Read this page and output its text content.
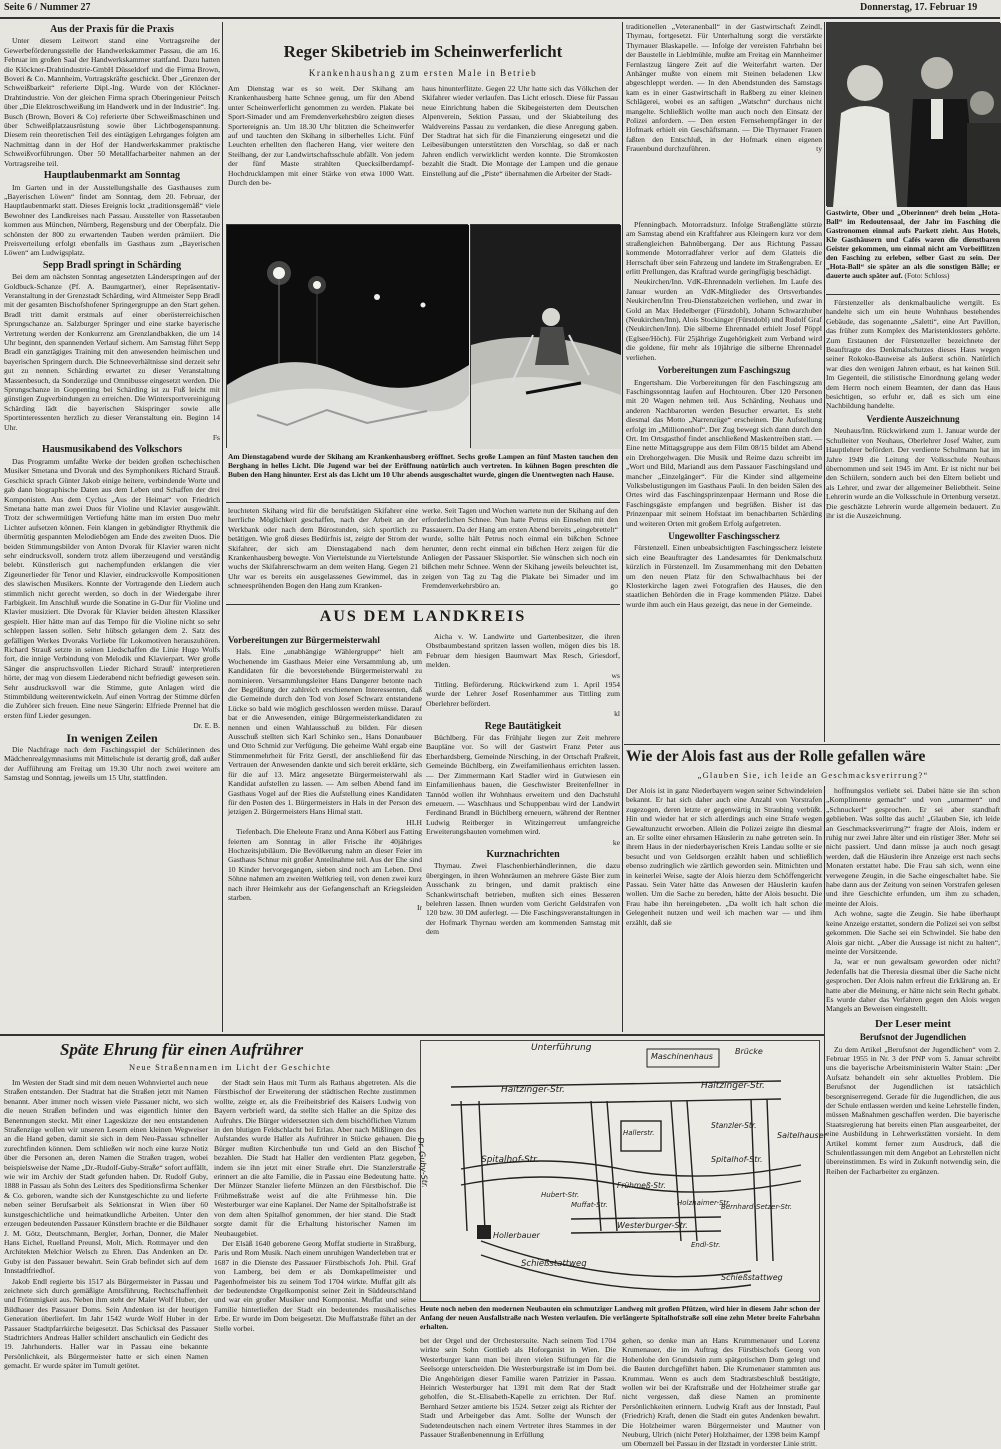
Seite 6 / Nummer 27	Donnerstag, 17. Februar 19
Aus der Praxis für die Praxis

Unter diesem Leitwort stand eine Vortragsreihe der Gewerbeförderungsstelle der Handwerkskammer Passau, die am 16. Februar im großen Saal der Handwerkskammer stattfand. Dazu hatten die Klöckner-Drahtindustrie-GmbH Düsseldorf und die Firma Brown, Boveri & Co. Mannheim, Vortragskräfte geschickt. Über „Grenzen der Schweißbarkeit“ referierte Dipl.-Ing. Wurde von der Klöckner-Drahtindustrie. Von der gleichen Firma sprach Oberingenieur Peitsch über „Die Elektroschweißung im Handwerk und in der Industrie“. Ing. Busch (Brown, Boveri & Co) referierte über Schweißmaschinen und über Schweißplatzausrüstung sowie über Lichtbogenspannung. Diesem rein theoretischen Teil des eintägigen Lehrganges folgten am Nachmittag dann in der Hof der Handwerkskammer praktische Schweißvorführungen. Über 50 Metallfacharbeiter nahmen an der Vortragsreihe teil.

Hauptlaubenmarkt am Sonntag

Im Garten und in der Ausstellungshalle des Gasthauses zum „Bayerischen Löwen“ findet am Sonntag, dem 20. Februar, der Hauptlaubenmarkt statt. Dieses Ereignis lockt „traditionsgemäß“ viele Bewohner des Landkreises nach Passau. Aussteller von Rassetauben kommen aus München, Nürnberg, Regensburg und der Oberpfalz. Die schönsten der 800 zu erwartenden Tauben werden prämiiert. Die Preisverteilung erfolgt ebenfalls im Gasthaus zum „Bayerischen Löwen“ am Ludwigsplatz.

Sepp Bradl springt in Schärding

Bei dem am nächsten Sonntag angesetzten Länderspringen auf der Goldbuck-Schanze (Pf. A. Baumgartner), einer Repräsentativ-Veranstaltung in der Grenzstadt Schärding, wird Altmeister Sepp Bradl mit der gesamten Bischofshofener Springergruppe an den Start gehen. Bradl tritt damit erstmals auf einer oberösterreichischen Sprungschanze an. Salzburger Springer und eine starke bayerische Vertretung werden der Konkurrenz am Grenzlandbakken, die um 14 Uhr beginnt, den spannenden Verlauf sichern. Am Samstag führt Sepp Bradl ein ganztägiges Training mit den anwesenden heimischen und bayerischen Springern durch. Die Schneeverhältnisse sind derzeit sehr gut zu nennen. Schärding erwartet zu dieser Veranstaltung Massenbesuch, da Sonderzüge und Omnibusse eingesetzt werden. Die Sprungschanze in Goppenting bei Schärding ist zu Fuß leicht mit günstigen Zugverbindungen zu erreichen. Die Wintersportvereinigung Schärding lädt die bayerischen Skispringer sowie alle Sportinteressenten herzlich zu dieser Veranstaltung ein. Beginn 14 Uhr.

Fs
Hausmusikabend des Volkschors

Das Programm umfaßte Werke der beiden großen tschechischen Musiker Smetana und Dvorak und des Symphonikers Richard Strauß. Geschickt sprach Günter Jakob einige heitere, verbindende Worte und gab dann biographische Daten aus dem Leben und Schaffen der drei Komponisten. Aus dem Cyclus „Aus der Heimat“ von Friedrich Smetana hatte man zwei Duos für Violine und Klavier ausgewählt. Trotz der schwermütigen Vertiefung hätte man im ersten Duo mehr Lichter aufsetzen können. Fein klangen in gebändigter Rhythmik die übermütig gespannten Melodiebögen am Ende des zweiten Duos. Die beiden Stimmungsbilder von Anton Dvorak für Klavier waren nicht sehr eindrucksvoll, sondern trotz allem überzeugend und verständig belebt. Künstlerisch gut nachempfunden erklangen die vier Zigeunerlieder für Tenor und Klavier, eindrucksvolle Kompositionen des slawischen Musikers. Konnte der Vortragende den Liedern auch stimmlich nicht gerecht werden, so doch in der Wiedergabe ihrer Farbigkeit. Im Anschluß wurde die Sonatine in G-Dur für Violine und Klavier musiziert. Die Dvorak für Klavier beiden ältesten Klassiker gespielt. Hier hätte man auf das Tempo für die Violine nicht so sehr schleppen lassen sollen. Sehr hübsch gelangen dem 2. Satz des gefälligen Werkes Dvoraks Vorliebe für Lokomotiven herauszuhören. Richard Strauß setzte in seinen Liedschaffen die Linie Hugo Wolfs fort, die innige Verbindung von Melodik und Klavierpart. Wer große Sänger die anspruchsvollen Lieder Richard Strauß' interpretieren hörte, der mag von diesem Liederabend nicht befriedigt gewesen sein. Sehr ausdrucksvoll war die Stimme, gute Anlagen wird die Stimmbildung weiterentwickeln. Auf einen Vortrag der Stimme dürfen die Zuhörer sich freuen. Eine neue Sängerin: Elfriede Prennel hat die ersten fünf Lieder gesungen.

Dr. E. B.
In wenigen Zeilen

Die Nachfrage nach dem Faschingsspiel der Schülerinnen des Mädchenrealgymnasiums mit Mittelschule ist derartig groß, daß außer der Aufführung am Freitag um 19.30 Uhr noch zwei weitere am Samstag und Sonntag, jeweils um 15 Uhr, stattfinden.

Reger Skibetrieb im Scheinwerferlicht
Krankenhaushang zum ersten Male in Betrieb
Am Dienstag war es so weit. Der Skihang am Krankenhausberg hatte Schnee genug, um für den Abend unter Scheinwerferlicht genommen zu werden. Plakate bei Sport-Simader und am Fremdenverkehrsbüro zeigten dieses Sportereignis an. Um 18.30 Uhr blitzten die Scheinwerfer auf und tauchten den Skihang in silberhelles Licht. Fünf Leuchten erhellten den flacheren Hang, vier weitere den Steilhang, der zur Landwirtschaftsschule abfällt. Von jedem der fünf Maste strahlten Quecksilberdampf-Hochdrucklampen mit einer Stärke von etwa 1000 Watt. Durch den be-
haus hinunterflitzte. Gegen 22 Uhr hatte sich das Völkchen der Skifahrer wieder verlaufen. Das Licht erlosch. Diese für Passau neue Einrichtung haben die Skibegeisterten dem Deutschen Alpenverein, Sektion Passau, und der Skiabteilung des Waldvereins Passau zu verdanken, die diese Anregung gaben. Der Stadtrat hat sich für die Finanzierung eingesetzt und die Leibesübungen unterstützten den Vorschlag, so daß er nach Jahren endlich verwirklicht werden konnte. Die Stromkosten bezahlt die Stadt. Die Montage der Lampen und die genaue Einstellung auf die „Piste“ übernahmen die Arbeiter der Stadt-
Am Dienstagabend wurde der Skihang am Krankenhausberg eröffnet. Sechs große Lampen an fünf Masten tauchen den Berghang in helles Licht. Die Jugend war bei der Eröffnung natürlich auch vertreten. In kühnen Bogen preschten die Buben den Hang hinunter. Erst als das Licht um 10 Uhr abends ausgeschaltet wurde, gingen die Unentwegten nach Hause.
leuchteten Skihang wird für die berufstätigen Skifahrer eine herrliche Möglichkeit geschaffen, nach der Arbeit an der Werkbank oder nach dem Bürostunden, sich sportlich zu betätigen. Wie groß dieses Bedürfnis ist, zeigte der Strom der Skifahrer, der sich am Dienstagabend nach dem Krankenhausberg bewegte. Von Viertelstunde zu Viertelstunde wuchs der Skifahrerschwarm an dem weiten Hang. Gegen 21 Uhr war es bereits ein ausgelassenes Gewimmel, das in schneesprühenden Bogen den Hang zum Kranken-
werke. Seit Tagen und Wochen wartete nun der Skihang auf den erforderlichen Schnee. Nun hatte Petrus ein Einsehen mit den Passauern. Da der Hang am ersten Abend bereits „eingebrettelt“ wurde, sollte hält Petrus noch einmal ein bißchen Schnee herunter, denn recht einmal ein bißchen Herz zeigen für die Anliegen der Passauer Skisportler. Sie wünschen sich noch ein bißchen mehr Schnee. Wenn der Skihang jeweils beleuchtet ist, zeigen von Tag zu Tag die Plakate bei Simader und im Fremdenverkehrsbüro an.	go
AUS DEM LANDKREIS
Vorbereitungen zur Bürgermeisterwahl

Hals. Eine „unabhängige Wählergruppe“ hielt am Wochenende im Gasthaus Meier eine Versammlung ab, um Kandidaten für die bevorstehende Bürgermeisterwahl zu nominieren. Versammlungsleiter Hans Dangerer betonte nach der Begrüßung der zahlreich erschienenen Interessenten, daß die Gemeinde durch den Tod von Josef Schwarz entstandene Lücke so bald wie möglich geschlossen werden müsse. Darauf bat er die Anwesenden, einige Bürgermeisterkandidaten zu nennen und einen Wahlausschuß zu bilden. Für diesen Ausschuß stellten sich Karl Schinko sen., Hans Donaubauer und Otto Schmid zur Verfügung. Die geheime Wahl ergab eine Stimmenmehrheit für Fritz Gerstl, der anschließend für das Vertrauen der Anwesenden dankte und sich bereit erklärte, sich für die auf 13. März angesetzte Bürgermeisterwahl als Kandidat aufstellen zu lassen. — Am selben Abend fand im Gasthaus Vogel auf der Ries die Aufstellung eines Kandidaten für den Posten des 1. Bürgermeisters in Hals in der Person des jetzigen 2. Bürgermeisters Hans Himal statt.

HLH

Tiefenbach. Die Eheleute Franz und Anna Köberl aus Fatting feierten am Sonntag in aller Frische ihr 40jähriges Hochzeitsjubiläum. Die Bevölkerung nahm an dieser Feier im Gasthaus Schnur mit großer Anteilnahme teil. Aus der Ehe sind 10 Kinder hervorgegangen, sieben sind noch am Leben. Drei Söhne nahmen am zweiten Weltkrieg teil, von denen zwei kurz nach ihrer Heimkehr aus der Gefangenschaft an Kriegsleiden starben.

Ir

Aicha v. W. Landwirte und Gartenbesitzer, die ihren Obstbaumbestand spritzen lassen wollen, mögen dies bis 18. Februar dem hiesigen Baumwart Max Resch, Griesdorf, melden.

ws

Tittling. Beförderung. Rückwirkend zum 1. April 1954 wurde der Lehrer Josef Rosenhammer aus Tittling zum Oberlehrer befördert.

kl
Rege Bautätigkeit

Büchlberg. Für das Frühjahr liegen zur Zeit mehrere Baupläne vor. So will der Gastwirt Franz Peter aus Eberhardsberg, Gemeinde Nirsching, in der Ortschaft Praßreit, Gemeinde Büchlberg, ein Zweifamilienhaus errichten lassen. — Der Zimmermann Karl Stadler wird in Gutwiesen ein Einfamilienhaus bauen, die Geschwister Breitenfellner in Tannöd wollen ihr Wohnhaus erweitern und den Dachstuhl erneuern. — Waschhaus und Schuppenbau wird der Landwirt Ferdinand Brandl in Büchlberg erneuern, während der Rentner Ludwig Reitberger in Witzingerreut umfangreiche Erweiterungsbauten vornehmen wird.

ke
Kurznachrichten

Thyrnau. Zwei Flaschenbierhändlerinnen, die dazu übergingen, in ihren Wohnräumen an mehrere Gäste Bier zum Ausschank zu bringen, und damit praktisch eine Schankwirtschaft betrieben, mußten sich eines Besseren belehren lassen. Ihnen wurden vom Gericht Geldstrafen von 120 bzw. 30 DM auferlegt. — Die Faschingsveranstaltungen in der Hofmark Thyrnau werden am kommenden Samstag mit dem

traditionellen „Veteranenball“ in der Gastwirtschaft Zeindl, Thyrnau, fortgesetzt. Für Unterhaltung sorgt die verstärkte Thyrnauer Blaskapelle. — Infolge der vereisten Fahrbahn bei der Baustelle in Lieblmühle, mußte am Freitag ein Mannheimer Fernlastzug längere Zeit auf die Weiterfahrt warten. Der Anhänger mußte von einem mit Steinen beladenen Lkw abgeschleppt werden. — In den Abendstunden des Samstags kam es in einer Gastwirtschaft in Raßberg zu einer kleinen Schlägerei, wobei es an saftigen „Watschn“ durchaus nicht mangelte. Schließlich wollte man auch noch den Einsatz der Polizei anfordern. — Den ersten Fernsehempfänger in der Hofmark erhielt ein Geschäftsmann. — Die Thyrnauer Frauen faßten den Entschluß, in der Hofmark einen eigenen Frauenbund durchzuführen.	ty

Pfenningbach. Motorradsturz. Infolge Straßenglätte stürzte am Samstag abend ein Kraftfahrer aus Kleingern kurz vor dem straßengleichen Bahnübergang. Der aus Richtung Passau kommende Motorradfahrer verlor auf dem Glatteis die Herrschaft über sein Fahrzeug und landete im Straßengraben. Er erlitt Prellungen, das Kraftrad wurde geringfügig beschädigt.

Neukirchen/Inn. VdK-Ehrennadeln verliehen. Im Laufe des Januar wurden an VdK-Mitglieder des Ortsverbandes Neukirchen/Inn Treu-Dienstabzeichen verliehen, und zwar in Gold an Max Hedelberger (Fürstdobl), Johann Schwarzhuber (Neukirchen/Inn), Alois Stockinger (Fürstdobl) und Rudolf Graf (Neukirchen/Inn). Die silberne Ehrennadel erhielt Josef Pöppl (Eglsee/Höch). Für 25jährige Zugehörigkeit zum Verband wird die goldene, für mehr als 10jährige die silberne Ehrennadel verliehen.

Vorbereitungen zum Faschingszug

Engertsham. Die Vorbereitungen für den Faschingszug am Faschingssonntag laufen auf Hochtouren. Über 120 Personen mit 20 Wagen nehmen teil. Aus Schärding, Neuhaus und anderen Nachbarorten werden Besucher erwartet. Es steht diesmal das Motto „Narrenzüge“ erscheinen. Die Aufstellung erfolgt im „Millionenhof“. Der Zug bewegt sich dann durch den Ort. Im Ortsgasthof findet anschließend Maskentreiben statt. — Eine nette Mittagsgruppe aus dem Film 08/15 bildet am Abend ein Drehorgelwagen. Die Musik und Reime dazu schreibt im „Wort und Bild, Mariandl aus dem Passauer Faschingsland und mancher „Einzelgänger“. Für die Kinder sind allgemeine Volksbelustigungen im Gasthaus Pauli. In den beiden Sälen des Ortes wird das Faschingsprinzenpaar Hermann und Rose die Faschingsgäste empfangen und begrüßen. Bisher ist das Prinzenpaar mit seinem Hofstaat im benachbarten Schärding und weiteren Orten mit großem Erfolg aufgetreten.

Ungewollter Faschingsscherz

Fürstenzell. Einen unbeabsichtigten Faschingsscherz leistete sich eine Beauftragter des Landesamtes für Denkmalschutz kürzlich in Fürstenzell. Im Zusammenhang mit den Debatten um den neuen Platz für den Schwalbachhaus bei der Klosterkirche lagen zwei Fotografien des Hauses, die den staatlichen Behörden die in Frage kommenden Plätze. Dabei wurde ihm auch ein Haus gezeigt, das neue in der Gemeinde.

Gastwirte, Ober und „Oberinnen“ dreh beim „Hota-Ball“ im Redoutensaal, der Jahr im Fasching die Gastronomen einmal aufs Parkett zieht. Aus Hotels, Kle Gasthäusern und Cafés waren die dienstbaren Geister gekommen, um einmal nicht am Vorbeiflitzen den Fasching zu erleben, selber Gast zu sein. Der „Hota-Ball“ sie später an als die sonstigen Bälle; er dauerte auch später auf. (Foto: Schloss)

Fürstenzeller als denkmalbauliche wertgilt. Es handelte sich um ein heute Wohnhaus bestehendes Gebäude, das sogenannte „Saletti“, eine Art Pavillon, das früher zum Komplex des Maristenklosters gehörte. Zum Erstaunen der Fürstenzeller bezeichnete der Beauftragte des Denkmalschutzes dieses Haus wegen seiner Rokoko-Bauweise als äußerst schön. Natürlich war dies den wenigen Jahren erbaut, es hat keinen Stil. Im Gegenteil, die stilistische Einordnung gelang weder dem Herrn noch einem Beamten, der dann das Haus besichtigen, so erfuhr er, daß es sich um eine Nachbildung handelte.

Verdiente Auszeichnung

Neuhaus/Inn. Rückwirkend zum 1. Januar wurde der Schulleiter von Neuhaus, Oberlehrer Josef Walter, zum Hauptlehrer befördert. Der verdiente Schulmann hat im Jahre 1949 die Leitung der Volksschule Neuhaus übernommen und seit 1945 im Amt. Er ist nicht nur bei den Schülern, sondern auch bei den Eltern beliebt und als Lehrer, und zwar der allgemeiner Beliebtheit. Seine Lehrerin wurde an die Volksschule in Ortenburg versetzt. Die geschätzte Lehrerin wurde allgemein bedauert. Zu ihr ist die Auszeichnung.

Wie der Alois fast aus der Rolle gefallen wäre
„Glauben Sie, ich leide an Geschmacksverirrung?“
Der Alois ist in ganz Niederbayern wegen seiner Schwindeleien bekannt. Er hat sich daher auch eine Anzahl von Vorstrafen zugezogen, deren letzte er gegenwärtig in Straubing verbüßt. Hin und wieder hat er sich allerdings auch eine Strafe wegen Gewaltunzucht erworben. Allein die Polizei zeigte ihn diesmal an. Er sollte einer ehrsamen Häuslerin zu nahe getreten sein. In ihrem Haus in der niederbayerischen Kreis Landau sollte er sie besucht und von Geldsorgen erzählt haben und schließlich ebenso zudringlich wie zärtlich geworden sein. Mitnichten und in keinerlei Weise, sagte der Alois hierzu dem Schöffengericht Passau. Sein Vater hätte das Anwesen der Häuslerin kaufen wollen. Um die Sache zu bereden, hätte der Alois besucht. Die Frau habe ihn hereingebeten. „Da wollt ich halt schon die Gelegenheit nutzen und weil ich machen war — und ihm erzählt, daß sie

hoffnungslos verliebt sei. Dabei hätte sie ihn schon „Komplimente gemacht“ und von „umarmen“ und „Schnuckerl“ gesprochen. Er sei aber standhaft geblieben. Was sollte das auch! „Glauben Sie, ich leide an Geschmacksverirrung?“ fragte der Alois, indem er ruhig nur zwei Jahre älter und ein rüstiger 38er. Mehr sei nicht passiert. Und dann müsse ja auch noch gesagt werden, daß die Häuslerin ihre Anzeige erst nach sechs Monaten erstattet habe. Die Frau sah sich, wenn eine verwegene Zeugin, in die Sache eingeschaltet habe. Sie habe dann aus der Zeitung von seinen Vorstrafen gelesen und ihre Geschichte erfunden, um ihm zu schaden, meinte der Alois.

Ach wohne, sagte die Zeugin. Sie habe überhaupt keine Anzeige erstattet, sondern die Polizei sei von selbst gekommen. Die Sache sei ein Schwindel. Sie habe den Alois gar nicht. „Aber die Aussage ist nicht zu halten“, meinte der Vorsitzende.

Ja, war er nun gewaltsam geworden oder nicht? Jedenfalls hat die Theresia diesmal über die Sache nicht gesprochen. Der Alois nahm erfreut die Erklärung an. Er hatte aber die Meinung, er hätte nicht sein Recht gehabt. Es wurde daher das Verfahren gegen den Alois wegen Mangels an Beweisen eingestellt.

Der Leser meint
Berufsnot der Jugendlichen

Zu dem Artikel „Berufsnot der Jugendlichen“ vom 2. Februar 1955 in Nr. 3 der PNP vom 5. Januar schreibt uns die bayerische Arbeitsministerin Walter Stain: „Der Aufsatz behandelt ein sehr aktuelles Problem. Die Berufsnot der Jugendlichen ist tatsächlich besorgniserregend. Gerade für die Jugendlichen, die aus der Schule entlassen werden und keine Lehrstelle finden, müssen Maßnahmen geschaffen werden. Die bayerische Staatsregierung hat bereits einen Plan ausgearbeitet, der eine Ausbildung in Lehrwerkstätten vorsieht. In dem Artikel kommt ferner zum Ausdruck, daß die Schulentlassungen mit dem Angebot an Lehrstellen nicht übereinstimmen. Es wird in Zukunft notwendig sein, die Reihen der Facharbeiter zu ergänzen.

Späte Ehrung für einen Aufrührer
Neue Straßennamen im Licht der Geschichte

Im Westen der Stadt sind mit dem neuen Wohnviertel auch neue Straßen entstanden. Der Stadtrat hat die Straßen jetzt mit Namen benannt. Aber immer noch wissen viele Passauer nicht, wo sich die neuen Straßen befinden und was eigentlich hinter den Benennungen steckt. Mit einer Lageskizze der neu entstandenen Straßenzüge wollen wir unseren Lesern einen kleinen Wegweiser an die Hand geben, damit sie sich in dem Neu-Passau schneller zurechtfinden können. Dem schließen wir noch eine kurze Notiz über die Personen an, deren Namen die Straßen tragen, wobei beispielsweise der Name „Dr.-Rudolf-Guby-Straße“ sofort auffällt, wie wir im Archiv der Stadt gefunden haben. Dr. Rudolf Guby, 1888 in Passau als Sohn des Leiters des Speditionsfirma Schenker & Co. geboren, wandte sich der Kunstgeschichte zu und lieferte neben seiner Berufsarbeit als Sektionsrat in Wien über 60 kunstgeschichtliche und heimatkundliche Arbeiten. Unter den erzeugen bedeutenden Passauer Künstlern brachte er die Bildhauer J. M. Götz, Deutschmann, Bergler, Jorhan, Donner, die Maler Hans Eichel, Ruelland Preunsl, Molt, Mich. Rottmayer und den Architekten Melchior Welsch zu Ehren. Das Andenken an Dr. Guby ist den Passauer bewahrt. Sein Grab befindet sich auf dem Innstadtfriedhof.

Jakob Endl regierte bis 1517 als Bürgermeister in Passau und zeichnete sich durch gemäßigte Amtsführung, Rechtschaffenheit und Frömmigkeit aus. Neben ihm steht der Maler Wolf Huber, der Bildhauer des Passauer Doms. Sein Andenken ist der heutigen Generation überliefert. Im Jahr 1542 wurde Wolf Huber in der Passauer Stadtpfarrkirche beigesetzt. Das Schicksal des Passauer Stadtrichters Andreas Haller schildert anschaulich ein Gedicht des 19. Jahrhunderts. Haller war in Passau eine bekannte Persönlichkeit, als Bürgermeister hatte er sich einen Namen gemacht. Er wurde später im Tumult getötet.

der Stadt sein Haus mit Turm als Rathaus abgetreten. Als die Fürstbischof der Erweiterung der städtischen Rechte zustimmen wollte, zeigte er, als die Freiheitsbrief des Kaisers Ludwig von Bayern verbrieft ward, da stellte sich Haller an die Spitze des Aufruhrs. Die Bürger widersetzten sich dem bischöflichen Viztum in den blutigen Feldschlacht bei Erlau. Aber nach Mißlingen des Aufstandes wurde Haller als Aufrührer in Stücke gehauen. Die Bürger mußten Kirchenbuße tun und Geld an den Bischof bezahlen. Die Stadt hat Haller den verdienten Platz gegeben, indem sie ihn jetzt mit einer Straße ehrt. Die Stanzlerstraße erinnert an die alte Familie, die in Passau eine Bedeutung hatte. Der Münzer Stanzler lieferte Münzen an den Fürstbischof. Die Frühmeßstraße weist auf die alte Frühmesse hin. Die Westerburger war eine Kaplanei. Der Name der Spitalhofstraße ist von dem alten Spitalhof genommen, der hier stand. Die Stadt sorgte damit für die Erhaltung historischer Namen im Neubaugebiet.

Der Elsäß 1640 geborene Georg Muffat studierte in Straßburg, Paris und Rom Musik. Nach einem unruhigen Wanderleben trat er 1687 in die Dienste des Passauer Fürstbischofs Joh. Phil. Graf von Lamberg, bei dem er als Domkapellmeister und Pagenhofmeister bis zu seinem Tod 1704 wirkte. Muffat gilt als der bedeutendste Orgelkomponist seiner Zeit in Süddeutschland und war ein großer Musiker und Komponist. Muffat und seine Familie hinterließen der Stadt ein bedeutendes musikalisches Erbe. Er wurde im Dom beigesetzt. Die Muffatstraße führt an der Stelle vorbei.

Unterführung
Maschinenhaus
Brücke
Haitzinger-Str.	Haitzinger-Str.
Dr. Guby-Str.
Hallerstr.
Spitalhof-Str.	Spitalhof-Str.
Frühmeß-Str.
Stanzler-Str.
Hollerbauer
Hubert-Str.
Muffat-Str.
Westerburger-Str.
Holzhaimer-Str.
Endl-Str.
Bernhard-Setzer-Str.
Schießstattweg
Schießstattweg
Saitelhauser
Heute noch neben den modernen Neubauten ein schmutziger Landweg mit großen Pfützen, wird hier in diesem Jahr schon der Anfang der neuen Ausfallstraße nach Westen verlaufen. Die verlängerte Spitalhofstraße soll eine zehn Meter breite Fahrbahn erhalten.
bet der Orgel und der Orchestersuite. Nach seinem Tod 1704 wirkte sein Sohn Gottlieb als Hoforganist in Wien. Die Westerburger kann man bei ihren vielen Stiftungen für die Seelsorge unterscheiden. Die Westerburgstraße ist im Dom bei. Die Angehörigen dieser Familie waren Patrizier in Passau. Heinrich Westerburger hat 1391 mit dem Rat der Stadt geholfen, die St.-Elisabeth-Kapelle zu errichten. Der Ruf. Bernhard Setzer amtierte bis 1524. Setzer zeigt als Richter der Stadt und Arbeitgeber das Amt. Sollte der Wunsch der Sudetendeutschen nach einem Vertreter ihres Stammes in der Passauer Straßenbenennung in Erfüllung
gehen, so denke man an Hans Krummenauer und Lorenz Krumenauer, die im Auftrag des Fürstbischofs Georg von Hohenlohe den Grundstein zum spätgotischen Dom gelegt und die Bauten durchgeführt haben. Die Krumenauer stammten aus Krummau. Wenn es auch dem Stadtratsbeschluß bestätigte, wollen wir bei der Kraftstraße und der Holzheimer straße gar nicht vergessen, daß diese Namen an prominente Persönlichkeiten erinnern. Ludwig Kraft aus der Innstadt, Paul (Friedrich) Kraft, denen die Stadt ein gutes Andenken bewahrt. Die Holzheimer waren Bürgermeister und Mautner von Neuburg, Ulrich (nicht Peter) Holzhaimer, der 1398 beim Kampf um Obernzell bei Passau in der Ilzstadt in vorderster Linie stritt.
